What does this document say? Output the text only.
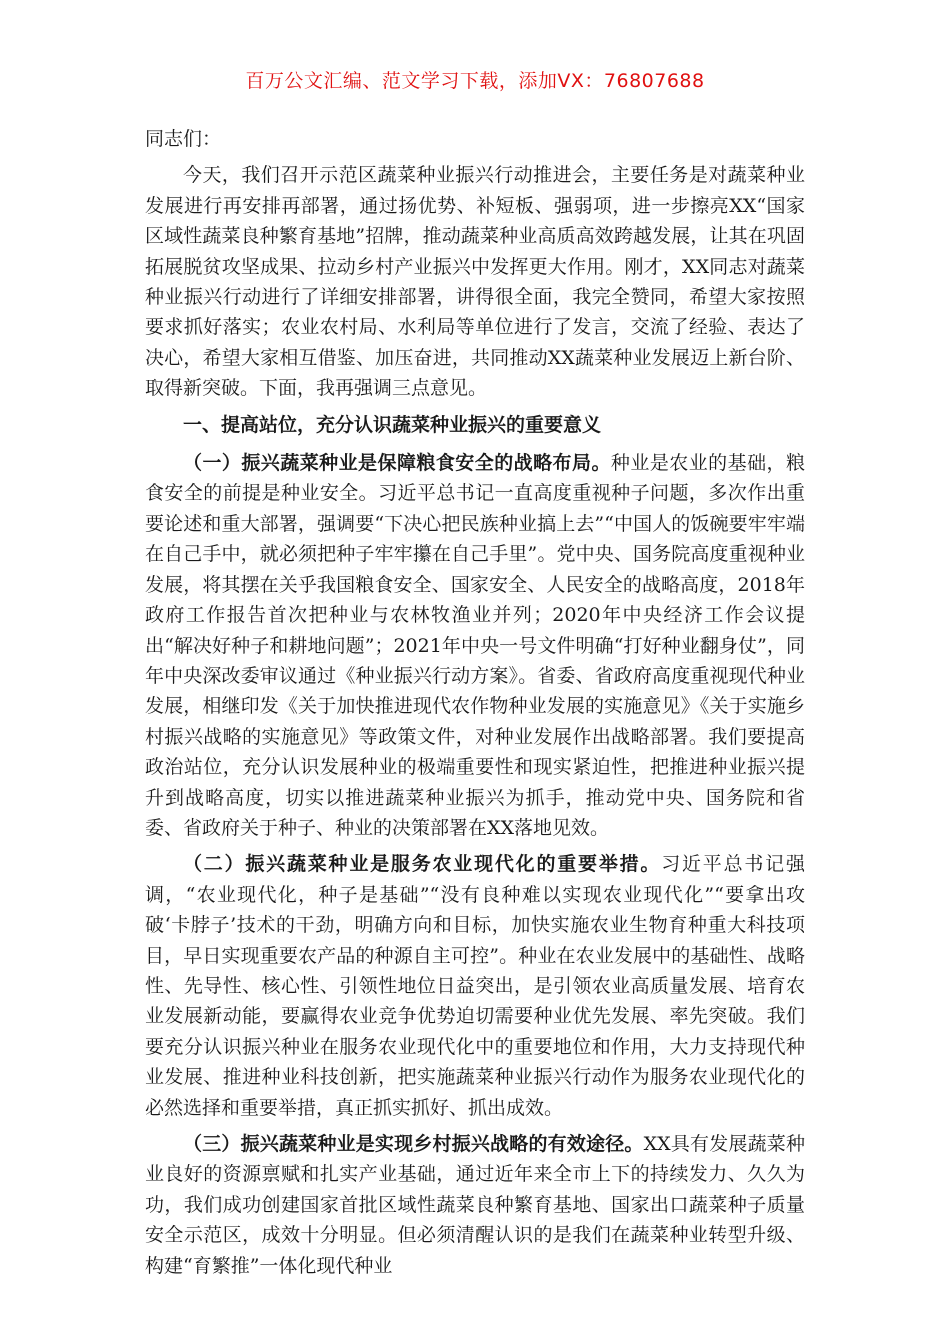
百万公文汇编、范文学习下载，添加VX：76807688

同志们：

今天，我们召开示范区蔬菜种业振兴行动推进会，主要任务是对蔬菜种业发展进行再安排再部署，通过扬优势、补短板、强弱项，进一步擦亮XX“国家区域性蔬菜良种繁育基地”招牌，推动蔬菜种业高质高效跨越发展，让其在巩固拓展脱贫攻坚成果、拉动乡村产业振兴中发挥更大作用。刚才，XX同志对蔬菜种业振兴行动进行了详细安排部署，讲得很全面，我完全赞同，希望大家按照要求抓好落实；农业农村局、水利局等单位进行了发言，交流了经验、表达了决心，希望大家相互借鉴、加压奋进，共同推动XX蔬菜种业发展迈上新台阶、取得新突破。下面，我再强调三点意见。

一、提高站位，充分认识蔬菜种业振兴的重要意义

（一）振兴蔬菜种业是保障粮食安全的战略布局。种业是农业的基础，粮食安全的前提是种业安全。习近平总书记一直高度重视种子问题，多次作出重要论述和重大部署，强调要“下决心把民族种业搞上去”“中国人的饭碗要牢牢端在自己手中，就必须把种子牢牢攥在自己手里”。党中央、国务院高度重视种业发展，将其摆在关乎我国粮食安全、国家安全、人民安全的战略高度，2018年政府工作报告首次把种业与农林牧渔业并列；2020年中央经济工作会议提出“解决好种子和耕地问题”；2021年中央一号文件明确“打好种业翻身仗”，同年中央深改委审议通过《种业振兴行动方案》。省委、省政府高度重视现代种业发展，相继印发《关于加快推进现代农作物种业发展的实施意见》《关于实施乡村振兴战略的实施意见》等政策文件，对种业发展作出战略部署。我们要提高政治站位，充分认识发展种业的极端重要性和现实紧迫性，把推进种业振兴提升到战略高度，切实以推进蔬菜种业振兴为抓手，推动党中央、国务院和省委、省政府关于种子、种业的决策部署在XX落地见效。

（二）振兴蔬菜种业是服务农业现代化的重要举措。习近平总书记强调，“农业现代化，种子是基础”“没有良种难以实现农业现代化”“要拿出攻破‘卡脖子’技术的干劲，明确方向和目标，加快实施农业生物育种重大科技项目，早日实现重要农产品的种源自主可控”。种业在农业发展中的基础性、战略性、先导性、核心性、引领性地位日益突出，是引领农业高质量发展、培育农业发展新动能，要赢得农业竞争优势迫切需要种业优先发展、率先突破。我们要充分认识振兴种业在服务农业现代化中的重要地位和作用，大力支持现代种业发展、推进种业科技创新，把实施蔬菜种业振兴行动作为服务农业现代化的必然选择和重要举措，真正抓实抓好、抓出成效。

（三）振兴蔬菜种业是实现乡村振兴战略的有效途径。XX具有发展蔬菜种业良好的资源禀赋和扎实产业基础，通过近年来全市上下的持续发力、久久为功，我们成功创建国家首批区域性蔬菜良种繁育基地、国家出口蔬菜种子质量安全示范区，成效十分明显。但必须清醒认识的是我们在蔬菜种业转型升级、构建“育繁推”一体化现代种业
